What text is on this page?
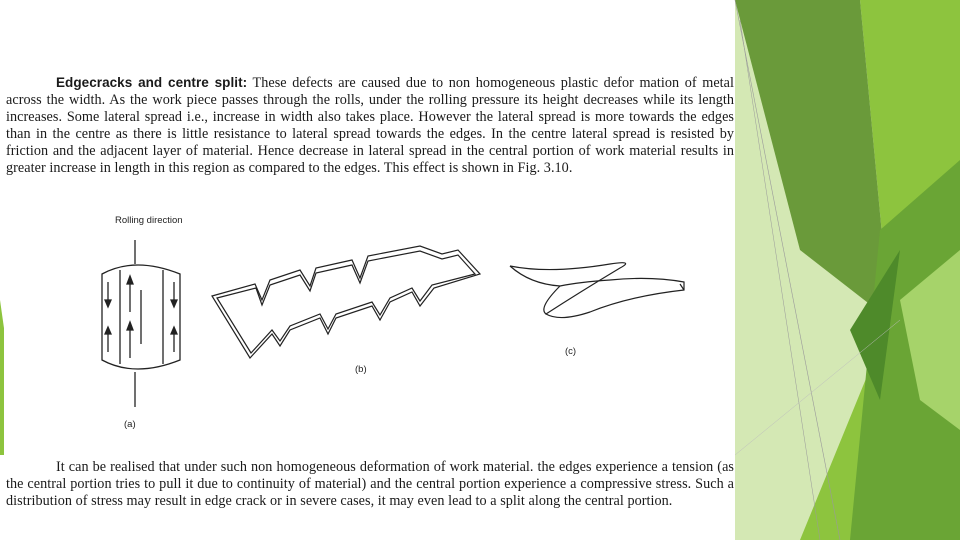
Edgecracks and centre split: These defects are caused due to non homogeneous plastic defor mation of metal across the width. As the work piece passes through the rolls, under the rolling pressure its height decreases while its length increases. Some lateral spread i.e., increase in width also takes place. However the lateral spread is more towards the edges than in the centre as there is little resistance to lateral spread towards the edges. In the centre lateral spread is resisted by friction and the adjacent layer of material. Hence decrease in lateral spread in the central portion of work material results in greater increase in length in this region as compared to the edges. This effect is shown in Fig. 3.10.

Rolling direction
(a)
(b)
(c)

It can be realised that under such non homogeneous deformation of work material. the edges experience a tension (as the central portion tries to pull it due to continuity of material) and the central portion experience a compressive stress. Such a distribution of stress may result in edge crack or in severe cases, it may even lead to a split along the central portion.
